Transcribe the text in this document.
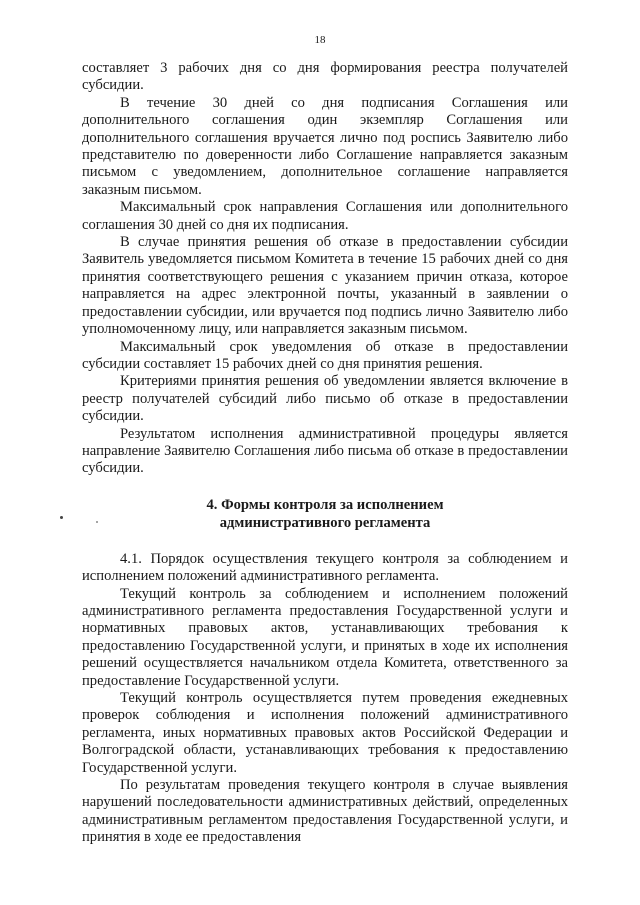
18

составляет 3 рабочих дня со дня формирования реестра получателей субсидии.

В течение 30 дней со дня подписания Соглашения или дополнительного соглашения один экземпляр Соглашения или дополнительного соглашения вручается лично под роспись Заявителю либо представителю по доверенности либо Соглашение направляется заказным письмом с уведомлением, дополнительное соглашение направляется заказным письмом.

Максимальный срок направления Соглашения или дополнительного соглашения 30 дней со дня их подписания.

В случае принятия решения об отказе в предоставлении субсидии Заявитель уведомляется письмом Комитета в течение 15 рабочих дней со дня принятия соответствующего решения с указанием причин отказа, которое направляется на адрес электронной почты, указанный в заявлении о предоставлении субсидии, или вручается под подпись лично Заявителю либо уполномоченному лицу, или направляется заказным письмом.

Максимальный срок уведомления об отказе в предоставлении субсидии составляет 15 рабочих дней со дня принятия решения.

Критериями принятия решения об уведомлении является включение в реестр получателей субсидий либо письмо об отказе в предоставлении субсидии.

Результатом исполнения административной процедуры является направление Заявителю Соглашения либо письма об отказе в предоставлении субсидии.

4. Формы контроля за исполнением
административного регламента

4.1. Порядок осуществления текущего контроля за соблюдением и исполнением положений административного регламента.

Текущий контроль за соблюдением и исполнением положений административного регламента предоставления Государственной услуги и нормативных правовых актов, устанавливающих требования к предоставлению Государственной услуги, и принятых в ходе их исполнения решений осуществляется начальником отдела Комитета, ответственного за предоставление Государственной услуги.

Текущий контроль осуществляется путем проведения ежедневных проверок соблюдения и исполнения положений административного регламента, иных нормативных правовых актов Российской Федерации и Волгоградской области, устанавливающих требования к предоставлению Государственной услуги.

По результатам проведения текущего контроля в случае выявления нарушений последовательности административных действий, определенных административным регламентом предоставления Государственной услуги, и принятия в ходе ее предоставления
